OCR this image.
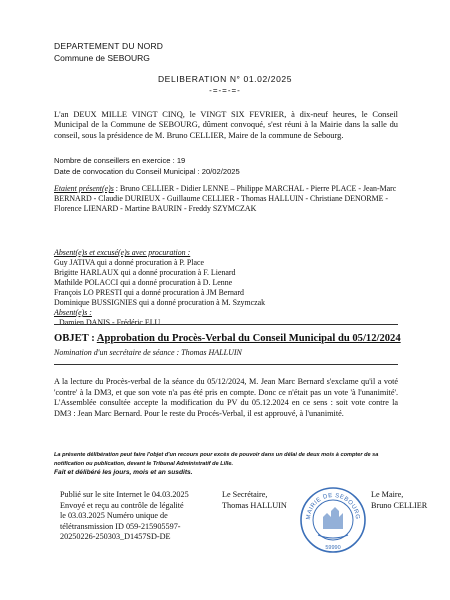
DEPARTEMENT DU NORD
Commune de SEBOURG
DELIBERATION N° 01.02/2025
-=-=-=-
L'an DEUX MILLE VINGT CINQ, le VINGT SIX FEVRIER, à dix-neuf heures, le Conseil Municipal de la Commune de SEBOURG, dûment convoqué, s'est réuni à la Mairie dans la salle du conseil, sous la présidence de M. Bruno CELLIER, Maire de la commune de Sebourg.
Nombre de conseillers en exercice : 19
Date de convocation du Conseil Municipal : 20/02/2025
Etaient présent(e)s : Bruno CELLIER - Didier LENNE – Philippe MARCHAL - Pierre PLACE - Jean-Marc BERNARD - Claudie DURIEUX - Guillaume CELLIER - Thomas HALLUIN - Christiane DENORME - Florence LIENARD - Martine BAURIN - Freddy SZYMCZAK
Absent(e)s et excusé(e)s avec procuration :
Guy JATIVA qui a donné procuration à P. Place
Brigitte HARLAUX qui a donné procuration à F. Lienard
Mathilde POLACCI qui a donné procuration à D. Lenne
François LO PRESTI qui a donné procuration à JM Bernard
Dominique BUSSIGNIES qui a donné procuration à M. Szymczak
Absent(e)s :
Damien DANIS - Frédéric ELU
Nomination d'un secrétaire de séance : Thomas HALLUIN
OBJET : Approbation du Procès-Verbal du Conseil Municipal du 05/12/2024
A la lecture du Procès-verbal de la séance du 05/12/2024, M. Jean Marc Bernard s'exclame qu'il a voté 'contre' à la DM3, et que son vote n'a pas été pris en compte. Donc ce n'était pas un vote 'à l'unanimité'. L'Assemblée consultée accepte la modification du PV du 05.12.2024 en ce sens : soit vote contre la DM3 : Jean Marc Bernard. Pour le reste du Procés-Verbal, il est approuvé, à l'unanimité.
La présente délibération peut faire l'objet d'un recours pour excès de pouvoir dans un délai de deux mois à compter de sa notification ou publication, devant le Tribunal Administratif de Lille.
Fait et délibéré les jours, mois et an susdits.
Publié sur le site Internet le 04.03.2025
Envoyé et reçu au contrôle de légalité
le 03.03.2025 Numéro unique de
télétransmission ID 059-215905597-
20250226-250303_D1457SD-DE
Le Secrétaire,
Thomas HALLUIN
MAIRIE DE SEBOURG
59990
Le Maire,
Bruno CELLIER
